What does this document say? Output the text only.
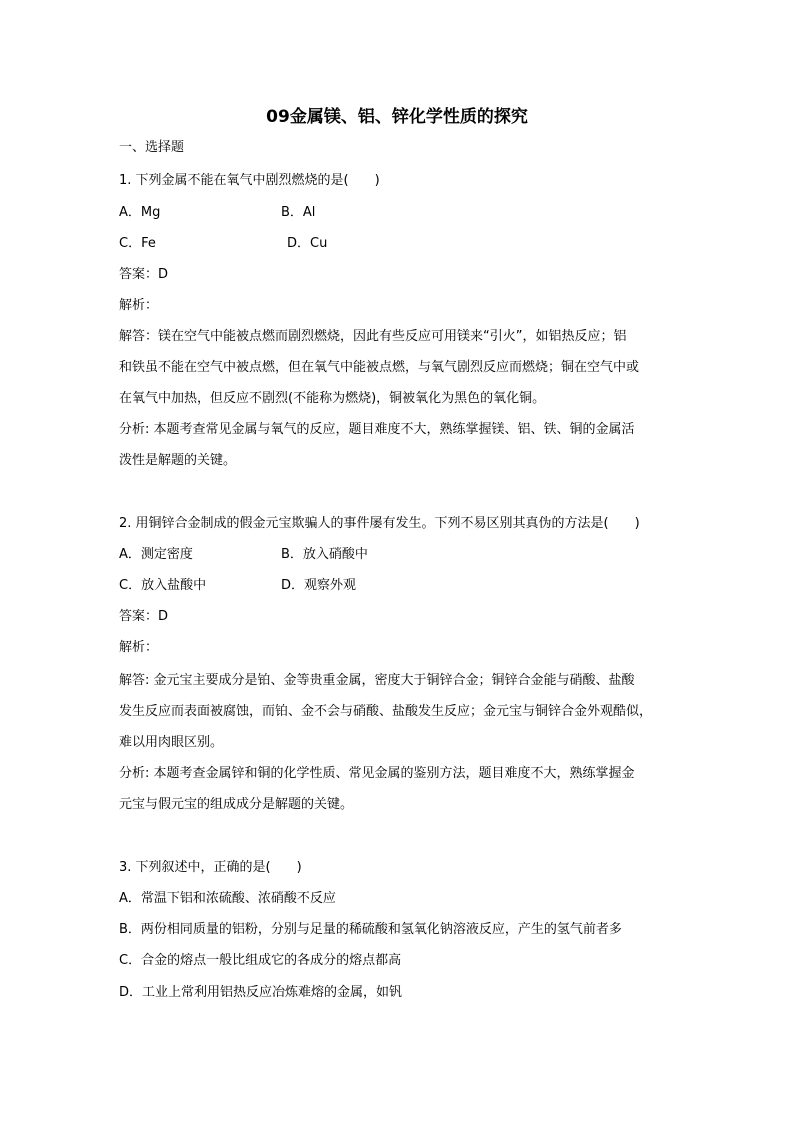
09金属镁、铝、锌化学性质的探究
一、选择题
1. 下列金属不能在氧气中剧烈燃烧的是(　　)
A．Mg	B．Al
C．Fe	D．Cu
答案：D
解析：
解答：镁在空气中能被点燃而剧烈燃烧，因此有些反应可用镁来“引火”，如铝热反应；铝
和铁虽不能在空气中被点燃，但在氧气中能被点燃，与氧气剧烈反应而燃烧；铜在空气中或
在氧气中加热，但反应不剧烈(不能称为燃烧)，铜被氧化为黑色的氧化铜。
分析: 本题考查常见金属与氧气的反应，题目难度不大，熟练掌握镁、铝、铁、铜的金属活
泼性是解题的关键。
2. 用铜锌合金制成的假金元宝欺骗人的事件屡有发生。下列不易区别其真伪的方法是(　　)
A．测定密度	B．放入硝酸中
C．放入盐酸中	D．观察外观
答案：D
解析：
解答: 金元宝主要成分是铂、金等贵重金属，密度大于铜锌合金；铜锌合金能与硝酸、盐酸
发生反应而表面被腐蚀，而铂、金不会与硝酸、盐酸发生反应；金元宝与铜锌合金外观酷似，
难以用肉眼区别。
分析: 本题考查金属锌和铜的化学性质、常见金属的鉴别方法，题目难度不大，熟练掌握金
元宝与假元宝的组成成分是解题的关键。
3. 下列叙述中，正确的是(　　)
A．常温下铝和浓硫酸、浓硝酸不反应
B．两份相同质量的铝粉，分别与足量的稀硫酸和氢氧化钠溶液反应，产生的氢气前者多
C．合金的熔点一般比组成它的各成分的熔点都高
D．工业上常利用铝热反应冶炼难熔的金属，如钒
